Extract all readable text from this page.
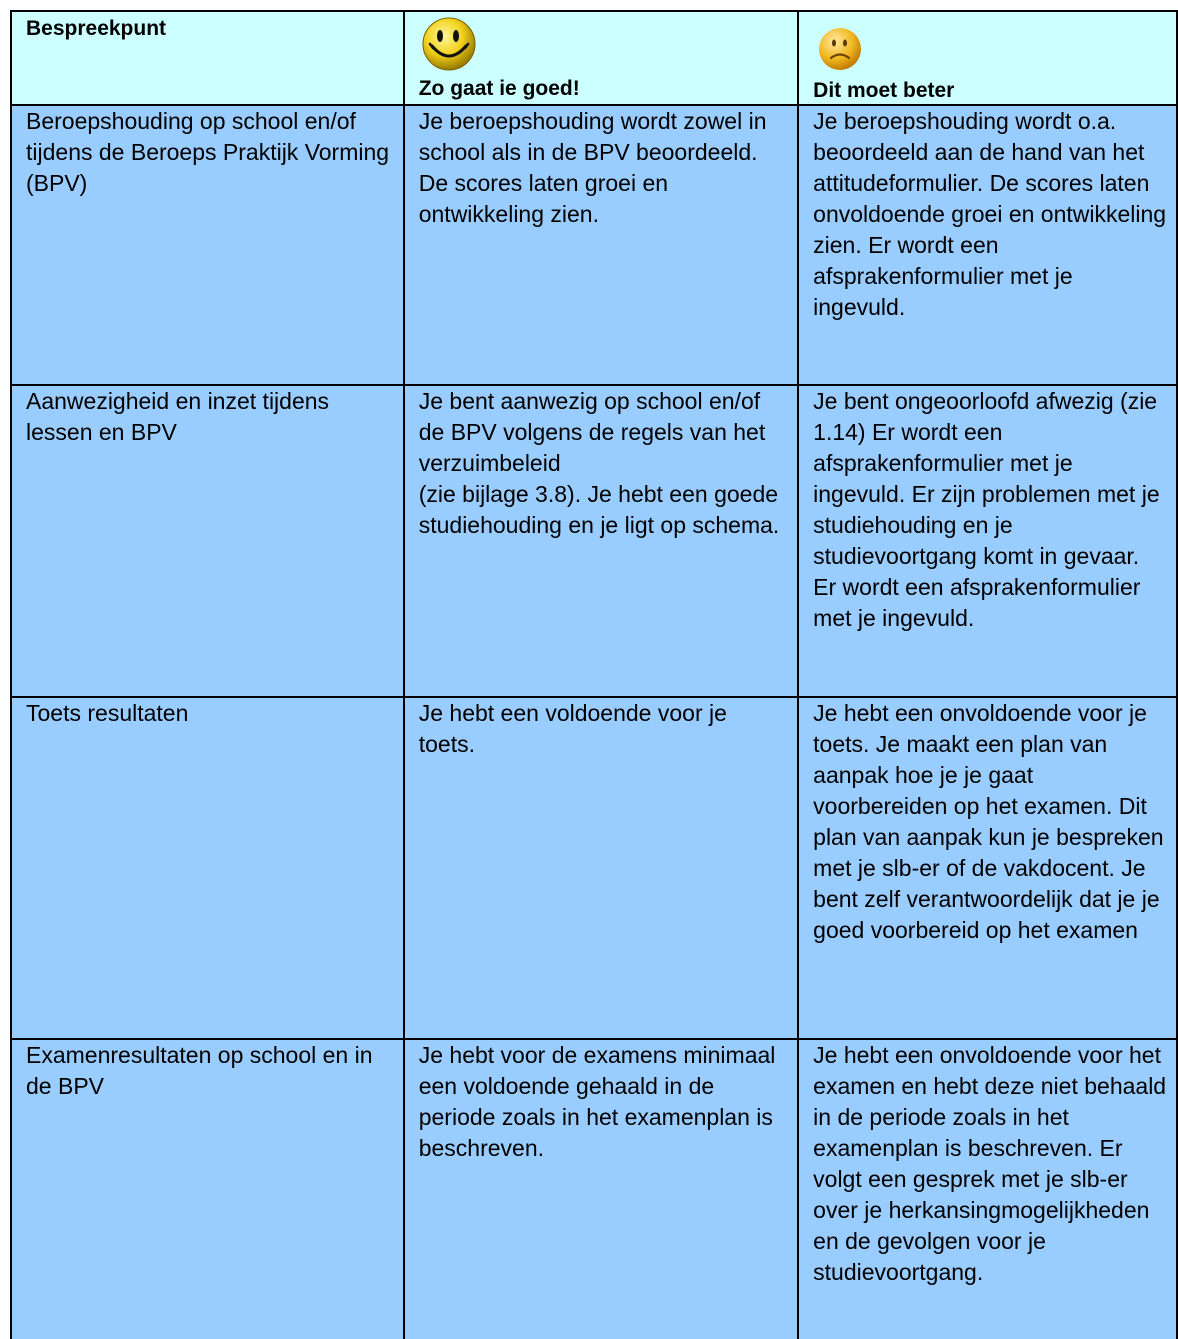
Bespreekpunt	Zo gaat ie goed!	Dit moet beter

Beroepshouding op school en/of tijdens de Beroeps Praktijk Vorming (BPV)	Je beroepshouding wordt zowel in school als in de BPV beoordeeld. De scores laten groei en ontwikkeling zien.	Je beroepshouding wordt o.a. beoordeeld aan de hand van het attitudeformulier. De scores laten onvoldoende groei en ontwikkeling zien. Er wordt een afsprakenformulier met je ingevuld.

Aanwezigheid en inzet tijdens lessen en BPV	Je bent aanwezig op school en/of de BPV volgens de regels van het verzuimbeleid
(zie bijlage 3.8). Je hebt een goede studiehouding en je ligt op schema.	Je bent ongeoorloofd afwezig (zie 1.14) Er wordt een afsprakenformulier met je ingevuld. Er zijn problemen met je studiehouding en je studievoortgang komt in gevaar. Er wordt een afsprakenformulier met je ingevuld.

Toets resultaten	Je hebt een voldoende voor je toets.	Je hebt een onvoldoende voor je toets. Je maakt een plan van aanpak hoe je je gaat voorbereiden op het examen. Dit plan van aanpak kun je bespreken met je slb-er of de vakdocent. Je bent zelf verantwoordelijk dat je je goed voorbereid op het examen

Examenresultaten op school en in de BPV	Je hebt voor de examens minimaal een voldoende gehaald in de periode zoals in het examenplan is beschreven.	Je hebt een onvoldoende voor het examen en hebt deze niet behaald in de periode zoals in het examenplan is beschreven. Er volgt een gesprek met je slb-er over je herkansingmogelijkheden en de gevolgen voor je studievoortgang.
